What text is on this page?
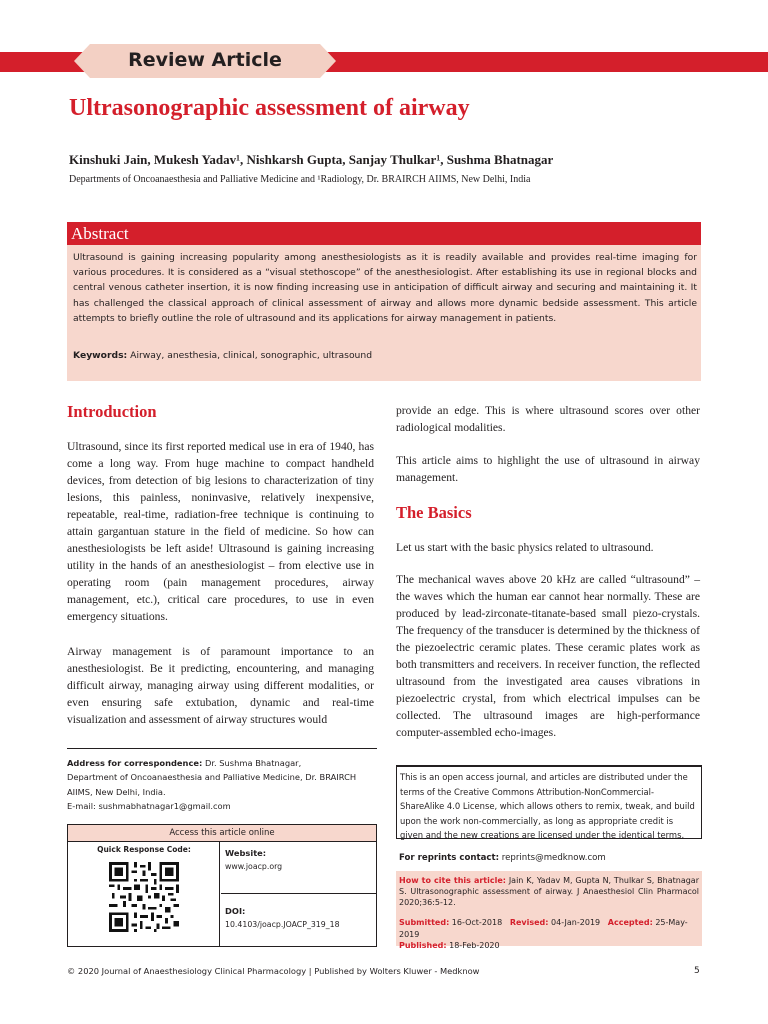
Review Article
Ultrasonographic assessment of airway
Kinshuki Jain, Mukesh Yadav¹, Nishkarsh Gupta, Sanjay Thulkar¹, Sushma Bhatnagar
Departments of Oncoanaesthesia and Palliative Medicine and ¹Radiology, Dr. BRAIRCH AIIMS, New Delhi, India
Abstract
Ultrasound is gaining increasing popularity among anesthesiologists as it is readily available and provides real-time imaging for various procedures. It is considered as a “visual stethoscope” of the anesthesiologist. After establishing its use in regional blocks and central venous catheter insertion, it is now finding increasing use in anticipation of difficult airway and securing and maintaining it. It has challenged the classical approach of clinical assessment of airway and allows more dynamic bedside assessment. This article attempts to briefly outline the role of ultrasound and its applications for airway management in patients.
Keywords: Airway, anesthesia, clinical, sonographic, ultrasound
Introduction
Ultrasound, since its first reported medical use in era of 1940, has come a long way. From huge machine to compact handheld devices, from detection of big lesions to characterization of tiny lesions, this painless, noninvasive, relatively inexpensive, repeatable, real-time, radiation-free technique is continuing to attain gargantuan stature in the field of medicine. So how can anesthesiologists be left aside! Ultrasound is gaining increasing utility in the hands of an anesthesiologist – from elective use in operating room (pain management procedures, airway management, etc.), critical care procedures, to use in even emergency situations.
Airway management is of paramount importance to an anesthesiologist. Be it predicting, encountering, and managing difficult airway, managing airway using different modalities, or even ensuring safe extubation, dynamic and real-time visualization and assessment of airway structures would
provide an edge. This is where ultrasound scores over other radiological modalities.
This article aims to highlight the use of ultrasound in airway management.
The Basics
Let us start with the basic physics related to ultrasound.
The mechanical waves above 20 kHz are called “ultrasound” – the waves which the human ear cannot hear normally. These are produced by lead-zirconate-titanate-based small piezo-crystals. The frequency of the transducer is determined by the thickness of the piezoelectric ceramic plates. These ceramic plates work as both transmitters and receivers. In receiver function, the reflected ultrasound from the investigated area causes vibrations in piezoelectric crystal, from which electrical impulses can be collected. The ultrasound images are high-performance computer-assembled echo-images.
Address for correspondence: Dr. Sushma Bhatnagar,
Department of Oncoanaesthesia and Palliative Medicine, Dr. BRAIRCH
AIIMS, New Delhi, India.
E-mail: sushmabhatnagar1@gmail.com
Access this article online
Quick Response Code:	Website:
www.joacp.org
DOI:
10.4103/joacp.JOACP_319_18
This is an open access journal, and articles are distributed under the terms of the Creative Commons Attribution-NonCommercial-ShareAlike 4.0 License, which allows others to remix, tweak, and build upon the work non-commercially, as long as appropriate credit is given and the new creations are licensed under the identical terms.
For reprints contact: reprints@medknow.com
How to cite this article: Jain K, Yadav M, Gupta N, Thulkar S, Bhatnagar S. Ultrasonographic assessment of airway. J Anaesthesiol Clin Pharmacol 2020;36:5-12.
Submitted: 16-Oct-2018 Revised: 04-Jan-2019 Accepted: 25-May-2019
Published: 18-Feb-2020
© 2020 Journal of Anaesthesiology Clinical Pharmacology | Published by Wolters Kluwer - Medknow	5
